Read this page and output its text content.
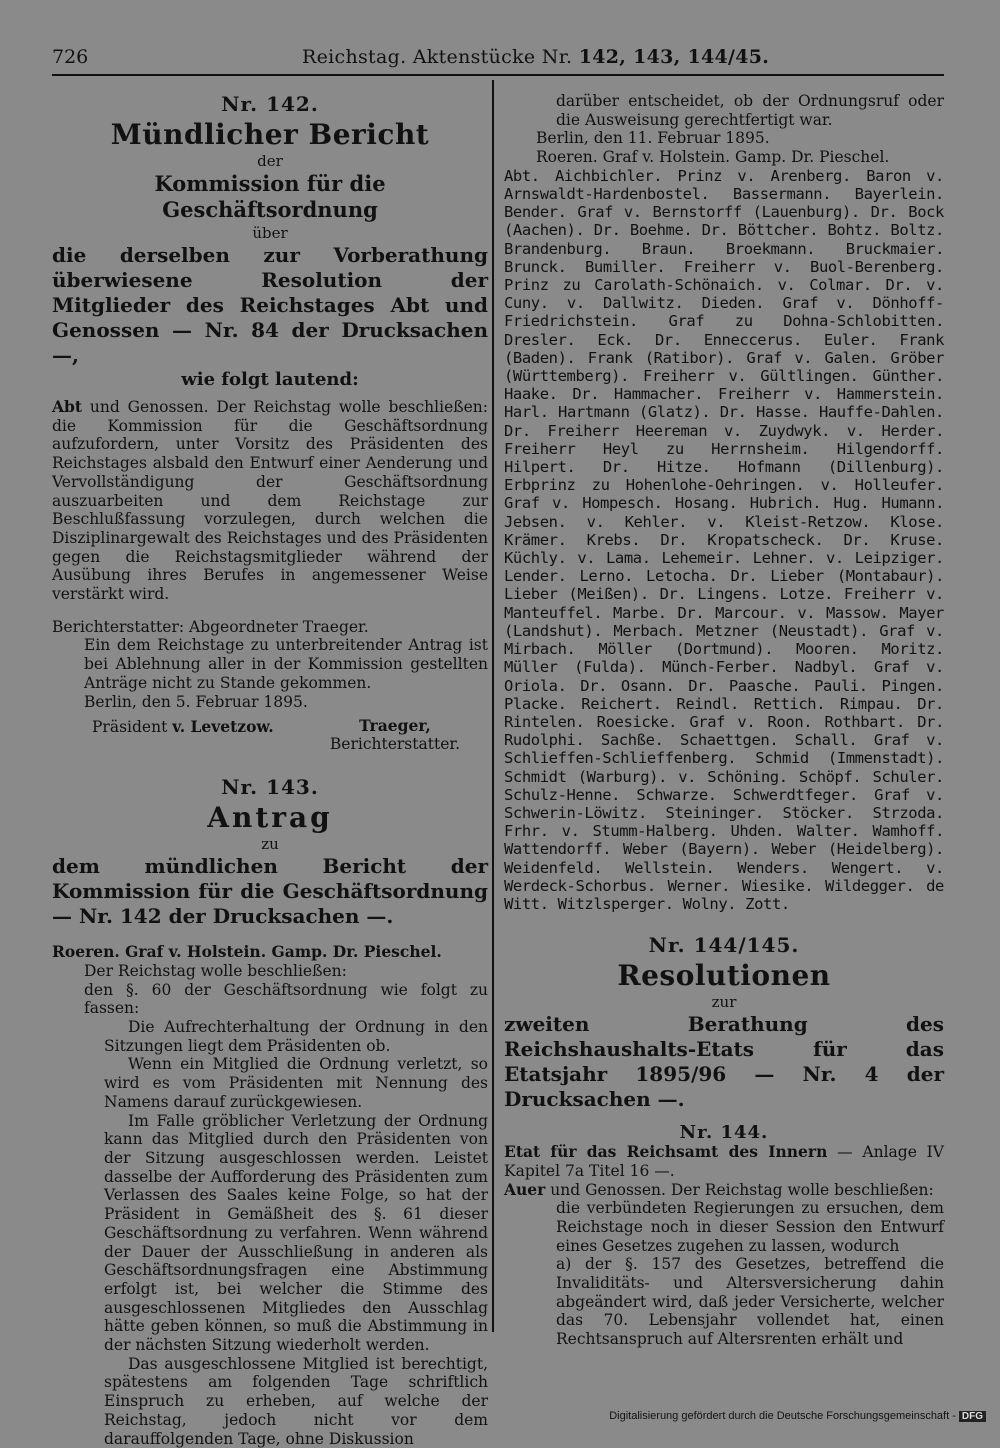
726	Reichstag. Aktenstücke Nr. 142, 143, 144/45.
Nr. 142.
Mündlicher Bericht
der
Kommission für die Geschäftsordnung
über
die derselben zur Vorberathung überwiesene Resolution der Mitglieder des Reichstages Abt und Genossen — Nr. 84 der Drucksachen —,
wie folgt lautend:

Abt und Genossen. Der Reichstag wolle beschließen: die Kommission für die Geschäftsordnung aufzufordern, unter Vorsitz des Präsidenten des Reichstages alsbald den Entwurf einer Aenderung und Vervollständigung der Geschäftsordnung auszuarbeiten und dem Reichstage zur Beschlußfassung vorzulegen, durch welchen die Disziplinargewalt des Reichstages und des Präsidenten gegen die Reichstagsmitglieder während der Ausübung ihres Berufes in angemessener Weise verstärkt wird.

Berichterstatter: Abgeordneter Traeger.

Ein dem Reichstage zu unterbreitender Antrag ist bei Ablehnung aller in der Kommission gestellten Anträge nicht zu Stande gekommen.

Berlin, den 5. Februar 1895.

Präsident v. Levetzow.	Traeger,
Berichterstatter.
Nr. 143.
Antrag
zu
dem mündlichen Bericht der Kommission für die Geschäftsordnung — Nr. 142 der Drucksachen —.

Roeren. Graf v. Holstein. Gamp. Dr. Pieschel.

Der Reichstag wolle beschließen:

den §. 60 der Geschäftsordnung wie folgt zu fassen:

Die Aufrechterhaltung der Ordnung in den Sitzungen liegt dem Präsidenten ob.

Wenn ein Mitglied die Ordnung verletzt, so wird es vom Präsidenten mit Nennung des Namens darauf zurückgewiesen.

Im Falle gröblicher Verletzung der Ordnung kann das Mitglied durch den Präsidenten von der Sitzung ausgeschlossen werden. Leistet dasselbe der Aufforderung des Präsidenten zum Verlassen des Saales keine Folge, so hat der Präsident in Gemäßheit des §. 61 dieser Geschäftsordnung zu verfahren. Wenn während der Dauer der Ausschließung in anderen als Geschäftsordnungsfragen eine Abstimmung erfolgt ist, bei welcher die Stimme des ausgeschlossenen Mitgliedes den Ausschlag hätte geben können, so muß die Abstimmung in der nächsten Sitzung wiederholt werden.

Das ausgeschlossene Mitglied ist berechtigt, spätestens am folgenden Tage schriftlich Einspruch zu erheben, auf welche der Reichstag, jedoch nicht vor dem darauffolgenden Tage, ohne Diskussion

darüber entscheidet, ob der Ordnungsruf oder die Ausweisung gerechtfertigt war.

Berlin, den 11. Februar 1895.

Roeren. Graf v. Holstein. Gamp. Dr. Pieschel.

Abt. Aichbichler. Prinz v. Arenberg. Baron v. Arnswaldt-Hardenbostel. Bassermann. Bayerlein. Bender. Graf v. Bernstorff (Lauenburg). Dr. Bock (Aachen). Dr. Boehme. Dr. Böttcher. Bohtz. Boltz. Brandenburg. Braun. Broekmann. Bruckmaier. Brunck. Bumiller. Freiherr v. Buol-Berenberg. Prinz zu Carolath-Schönaich. v. Colmar. Dr. v. Cuny. v. Dallwitz. Dieden. Graf v. Dönhoff-Friedrichstein. Graf zu Dohna-Schlobitten. Dresler. Eck. Dr. Enneccerus. Euler. Frank (Baden). Frank (Ratibor). Graf v. Galen. Gröber (Württemberg). Freiherr v. Gültlingen. Günther. Haake. Dr. Hammacher. Freiherr v. Hammerstein. Harl. Hartmann (Glatz). Dr. Hasse. Hauffe-Dahlen. Dr. Freiherr Heereman v. Zuydwyk. v. Herder. Freiherr Heyl zu Herrnsheim. Hilgendorff. Hilpert. Dr. Hitze. Hofmann (Dillenburg). Erbprinz zu Hohenlohe-Oehringen. v. Holleufer. Graf v. Hompesch. Hosang. Hubrich. Hug. Humann. Jebsen. v. Kehler. v. Kleist-Retzow. Klose. Krämer. Krebs. Dr. Kropatscheck. Dr. Kruse. Küchly. v. Lama. Lehemeir. Lehner. v. Leipziger. Lender. Lerno. Letocha. Dr. Lieber (Montabaur). Lieber (Meißen). Dr. Lingens. Lotze. Freiherr v. Manteuffel. Marbe. Dr. Marcour. v. Massow. Mayer (Landshut). Merbach. Metzner (Neustadt). Graf v. Mirbach. Möller (Dortmund). Mooren. Moritz. Müller (Fulda). Münch-Ferber. Nadbyl. Graf v. Oriola. Dr. Osann. Dr. Paasche. Pauli. Pingen. Placke. Reichert. Reindl. Rettich. Rimpau. Dr. Rintelen. Roesicke. Graf v. Roon. Rothbart. Dr. Rudolphi. Sachße. Schaettgen. Schall. Graf v. Schlieffen-Schlieffenberg. Schmid (Immenstadt). Schmidt (Warburg). v. Schöning. Schöpf. Schuler. Schulz-Henne. Schwarze. Schwerdtfeger. Graf v. Schwerin-Löwitz. Steininger. Stöcker. Strzoda. Frhr. v. Stumm-Halberg. Uhden. Walter. Wamhoff. Wattendorff. Weber (Bayern). Weber (Heidelberg). Weidenfeld. Wellstein. Wenders. Wengert. v. Werdeck-Schorbus. Werner. Wiesike. Wildegger. de Witt. Witzlsperger. Wolny. Zott.

Nr. 144/145.
Resolutionen
zur
zweiten Berathung des Reichshaushalts-Etats für das Etatsjahr 1895/96 — Nr. 4 der Drucksachen —.
Nr. 144.

Etat für das Reichsamt des Innern — Anlage IV Kapitel 7a Titel 16 —.

Auer und Genossen. Der Reichstag wolle beschließen:

die verbündeten Regierungen zu ersuchen, dem Reichstage noch in dieser Session den Entwurf eines Gesetzes zugehen zu lassen, wodurch

a) der §. 157 des Gesetzes, betreffend die Invaliditäts- und Altersversicherung dahin abgeändert wird, daß jeder Versicherte, welcher das 70. Lebensjahr vollendet hat, einen Rechtsanspruch auf Altersrenten erhält und

Digitalisierung gefördert durch die Deutsche Forschungsgemeinschaft - DFG
